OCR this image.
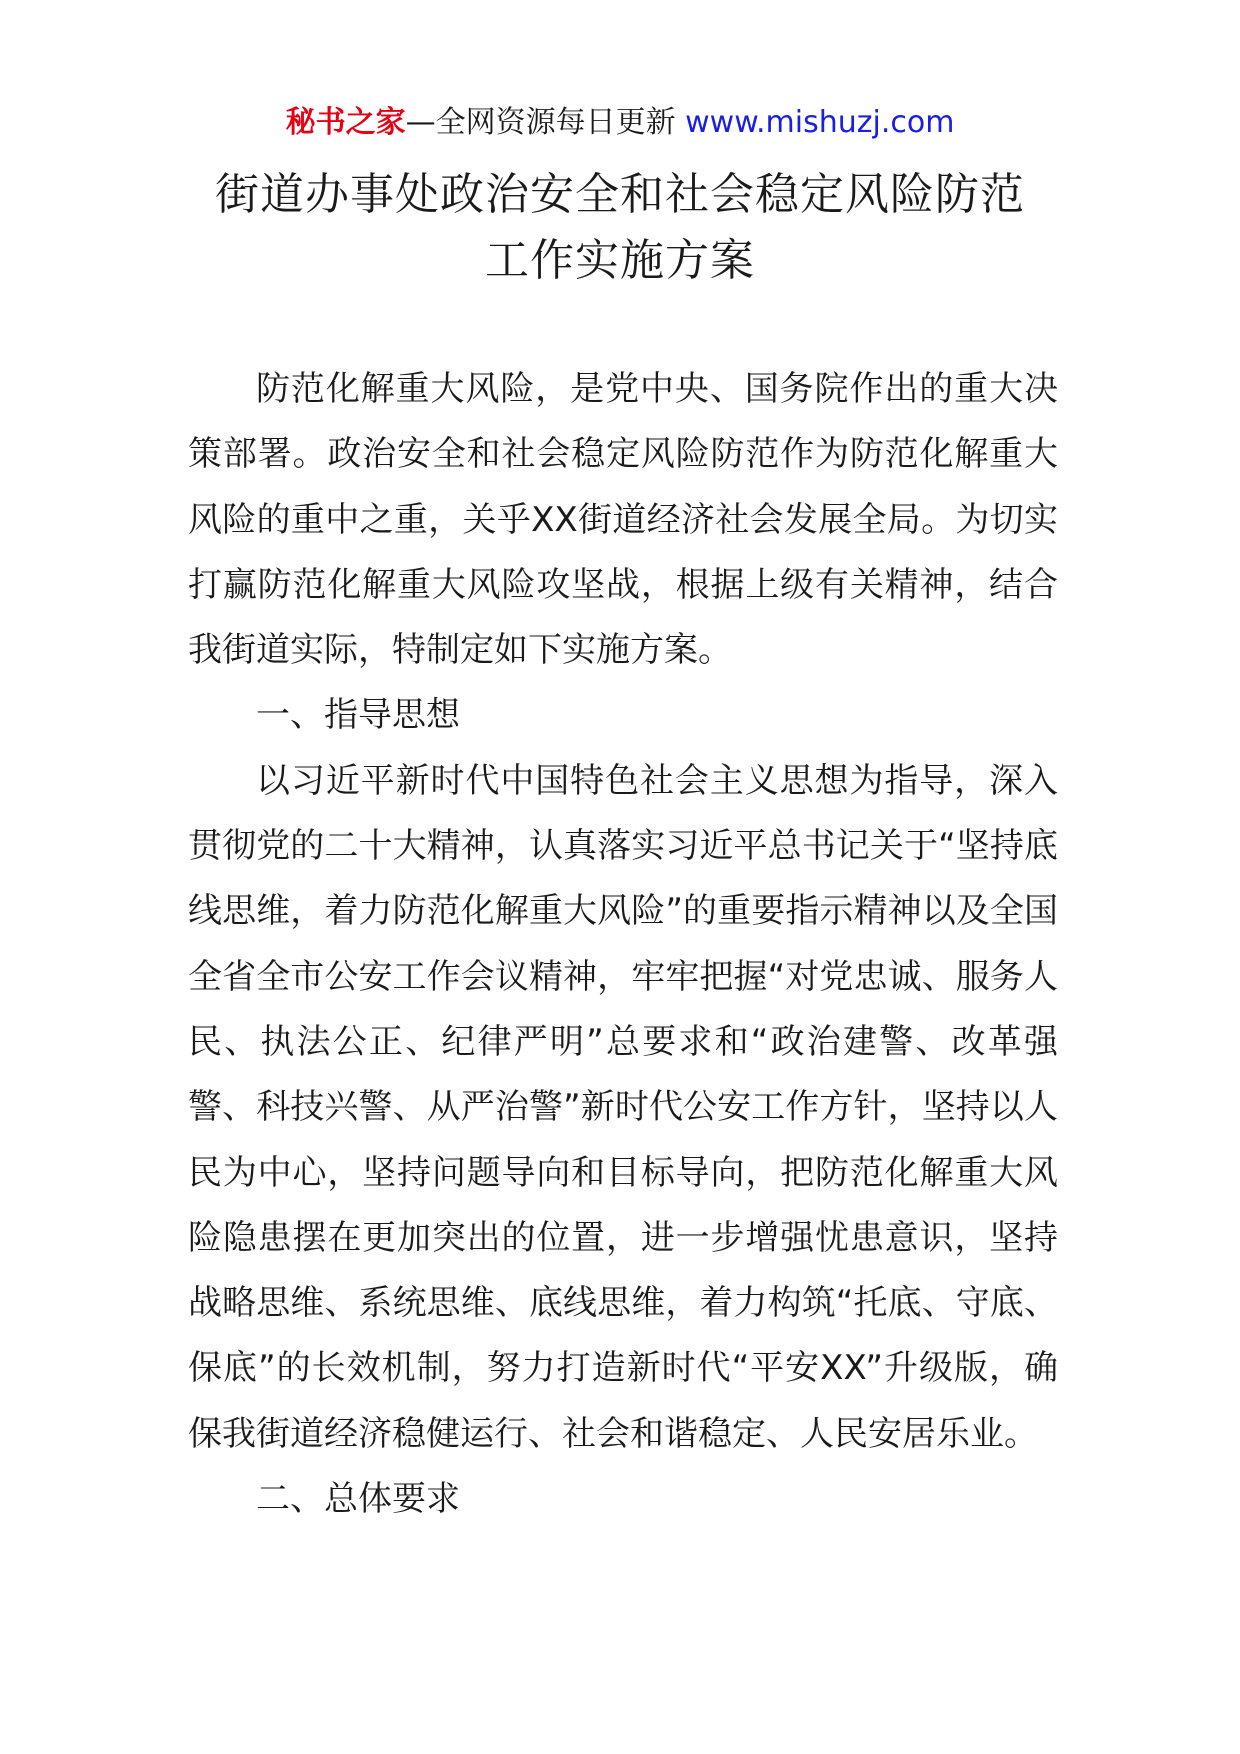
秘书之家—全网资源每日更新 www.mishuzj.com
街道办事处政治安全和社会稳定风险防范
工作实施方案

防范化解重大风险，是党中央、国务院作出的重大决策部署。政治安全和社会稳定风险防范作为防范化解重大风险的重中之重，关乎XX街道经济社会发展全局。为切实打赢防范化解重大风险攻坚战，根据上级有关精神，结合我街道实际，特制定如下实施方案。

一、指导思想

以习近平新时代中国特色社会主义思想为指导，深入贯彻党的二十大精神，认真落实习近平总书记关于“坚持底线思维，着力防范化解重大风险”的重要指示精神以及全国全省全市公安工作会议精神，牢牢把握“对党忠诚、服务人民、执法公正、纪律严明”总要求和“政治建警、改革强警、科技兴警、从严治警”新时代公安工作方针，坚持以人民为中心，坚持问题导向和目标导向，把防范化解重大风险隐患摆在更加突出的位置，进一步增强忧患意识，坚持战略思维、系统思维、底线思维，着力构筑“托底、守底、保底”的长效机制，努力打造新时代“平安XX”升级版，确保我街道经济稳健运行、社会和谐稳定、人民安居乐业。

二、总体要求
